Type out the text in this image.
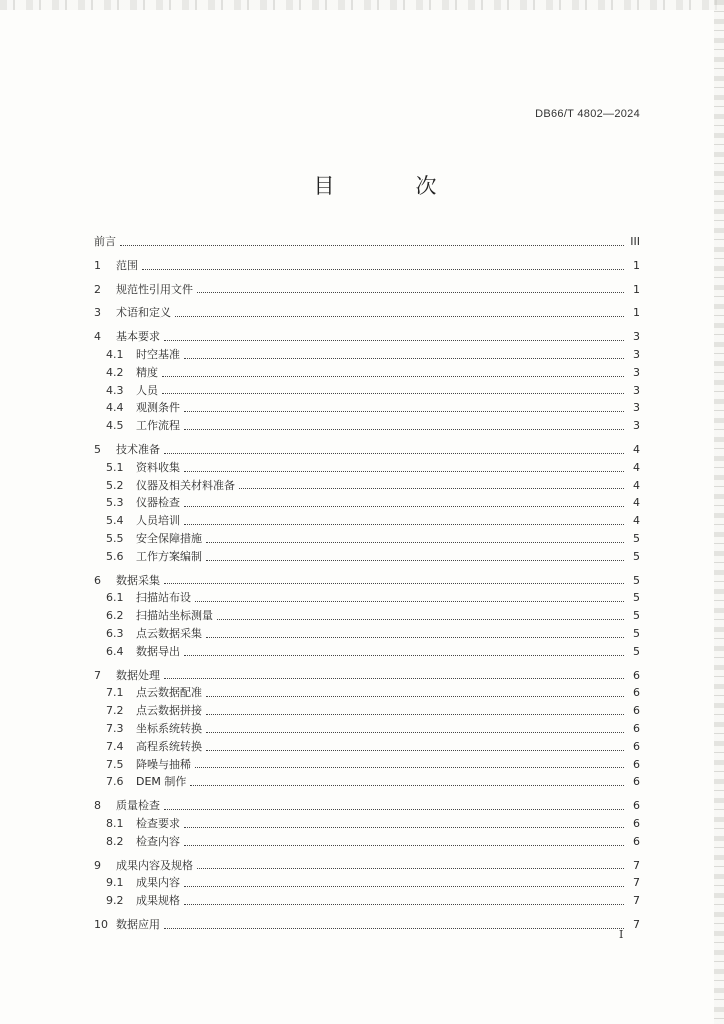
DB66/T 4802—2024
目　次
前言	III
1	范围	1
2	规范性引用文件	1
3	术语和定义	1
4	基本要求	3
4.1	时空基准	3
4.2	精度	3
4.3	人员	3
4.4	观测条件	3
4.5	工作流程	3
5	技术准备	4
5.1	资料收集	4
5.2	仪器及相关材料准备	4
5.3	仪器检查	4
5.4	人员培训	4
5.5	安全保障措施	5
5.6	工作方案编制	5
6	数据采集	5
6.1	扫描站布设	5
6.2	扫描站坐标测量	5
6.3	点云数据采集	5
6.4	数据导出	5
7	数据处理	6
7.1	点云数据配准	6
7.2	点云数据拼接	6
7.3	坐标系统转换	6
7.4	高程系统转换	6
7.5	降噪与抽稀	6
7.6	DEM 制作	6
8	质量检查	6
8.1	检查要求	6
8.2	检查内容	6
9	成果内容及规格	7
9.1	成果内容	7
9.2	成果规格	7
10 数据应用	7
I
